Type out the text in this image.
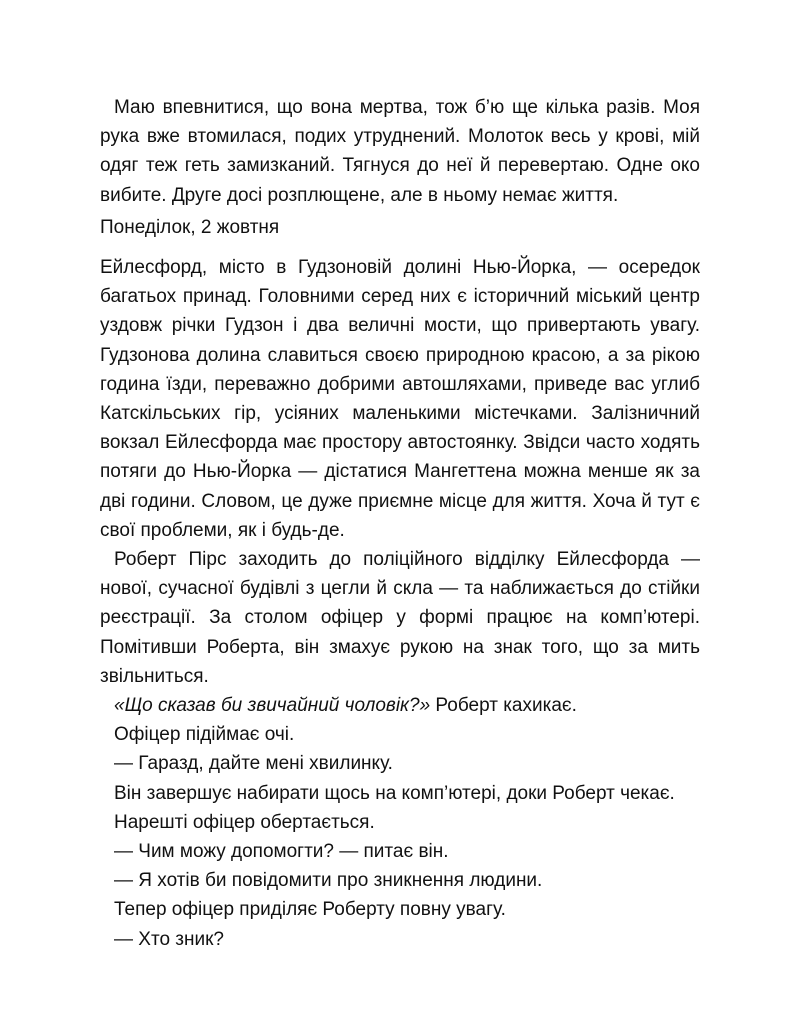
Маю впевнитися, що вона мертва, тож б’ю ще кілька разів. Моя рука вже втомилася, подих утруднений. Молоток весь у крові, мій одяг теж геть замизканий. Тягнуся до неї й перевертаю. Одне око вибите. Друге досі розплющене, але в ньому немає життя.

Понеділок, 2 жовтня

Ейлесфорд, місто в Гудзоновій долині Нью-Йорка, — осередок багатьох принад. Головними серед них є історичний міський центр уздовж річки Гудзон і два величні мости, що привертають увагу. Гудзонова долина славиться своєю природною красою, а за рікою година їзди, переважно добрими автошляхами, приведе вас углиб Катскільських гір, усіяних маленькими містечками. Залізничний вокзал Ейлесфорда має простору автостоянку. Звідси часто ходять потяги до Нью-Йорка — дістатися Мангеттена можна менше як за дві години. Словом, це дуже приємне місце для життя. Хоча й тут є свої проблеми, як і будь-де.

Роберт Пірс заходить до поліційного відділку Ейлесфорда — нової, сучасної будівлі з цегли й скла — та наближається до стійки реєстрації. За столом офіцер у формі працює на комп’ютері. Помітивши Роберта, він змахує рукою на знак того, що за мить звільниться.

«Що сказав би звичайний чоловік?» Роберт кахикає.

Офіцер підіймає очі.

— Гаразд, дайте мені хвилинку.

Він завершує набирати щось на комп’ютері, доки Роберт чекає.

Нарешті офіцер обертається.

— Чим можу допомогти? — питає він.

— Я хотів би повідомити про зникнення людини.

Тепер офіцер приділяє Роберту повну увагу.

— Хто зник?
